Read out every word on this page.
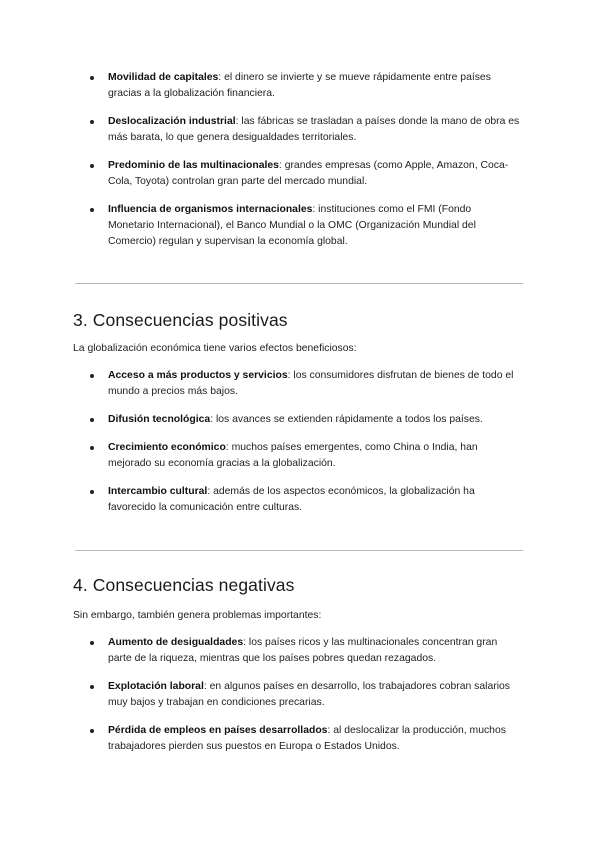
Movilidad de capitales: el dinero se invierte y se mueve rápidamente entre países gracias a la globalización financiera.
Deslocalización industrial: las fábricas se trasladan a países donde la mano de obra es más barata, lo que genera desigualdades territoriales.
Predominio de las multinacionales: grandes empresas (como Apple, Amazon, Coca-Cola, Toyota) controlan gran parte del mercado mundial.
Influencia de organismos internacionales: instituciones como el FMI (Fondo Monetario Internacional), el Banco Mundial o la OMC (Organización Mundial del Comercio) regulan y supervisan la economía global.
3. Consecuencias positivas

La globalización económica tiene varios efectos beneficiosos:

Acceso a más productos y servicios: los consumidores disfrutan de bienes de todo el mundo a precios más bajos.
Difusión tecnológica: los avances se extienden rápidamente a todos los países.
Crecimiento económico: muchos países emergentes, como China o India, han mejorado su economía gracias a la globalización.
Intercambio cultural: además de los aspectos económicos, la globalización ha favorecido la comunicación entre culturas.
4. Consecuencias negativas

Sin embargo, también genera problemas importantes:

Aumento de desigualdades: los países ricos y las multinacionales concentran gran parte de la riqueza, mientras que los países pobres quedan rezagados.
Explotación laboral: en algunos países en desarrollo, los trabajadores cobran salarios muy bajos y trabajan en condiciones precarias.
Pérdida de empleos en países desarrollados: al deslocalizar la producción, muchos trabajadores pierden sus puestos en Europa o Estados Unidos.
